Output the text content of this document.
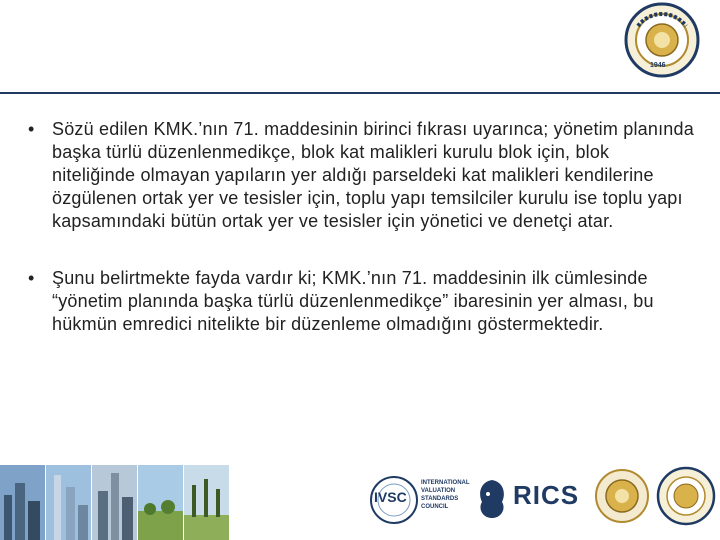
1946
• Sözü edilen KMK.’nın 71. maddesinin birinci fıkrası uyarınca; yönetim planında başka türlü düzenlenmedikçe, blok kat malikleri kurulu blok için, blok niteliğinde olmayan yapıların yer aldığı parseldeki kat malikleri kendilerine özgülenen ortak yer ve tesisler için, toplu yapı temsilciler kurulu ise toplu yapı kapsamındaki bütün ortak yer ve tesisler için yönetici ve denetçi atar.
• Şunu belirtmekte fayda vardır ki; KMK.’nın 71. maddesinin ilk cümlesinde “yönetim planında başka türlü düzenlenmedikçe” ibaresinin yer alması, bu hükmün emredici nitelikte bir düzenleme olmadığını göstermektedir.
IVSC
INTERNATIONAL VALUATION STANDARDS COUNCIL	RICS
